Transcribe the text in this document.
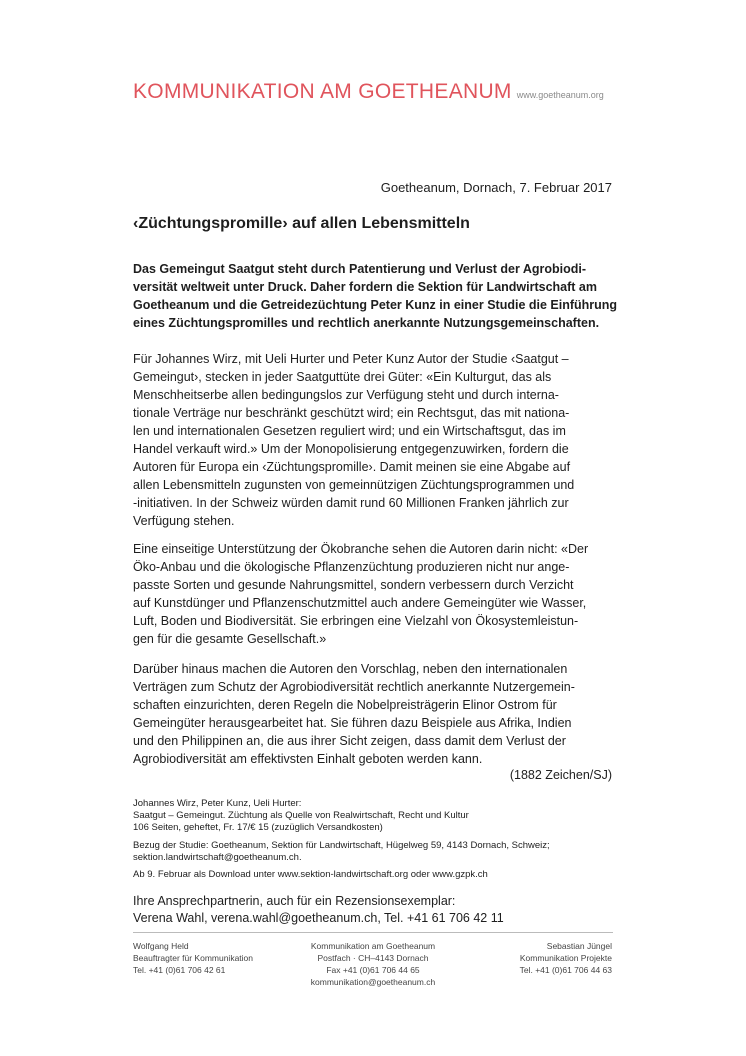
KOMMUNIKATION AM GOETHEANUM www.goetheanum.org
Goetheanum, Dornach, 7. Februar 2017
‹Züchtungspromille› auf allen Lebensmitteln
Das Gemeingut Saatgut steht durch Patentierung und Verlust der Agrobiodi-
versität weltweit unter Druck. Daher fordern die Sektion für Landwirtschaft am
Goetheanum und die Getreidezüchtung Peter Kunz in einer Studie die Einführung
eines Züchtungspromilles und rechtlich anerkannte Nutzungsgemeinschaften.
Für Johannes Wirz, mit Ueli Hurter und Peter Kunz Autor der Studie ‹Saatgut –
Gemeingut›, stecken in jeder Saatguttüte drei Güter: «Ein Kulturgut, das als
Menschheitserbe allen bedingungslos zur Verfügung steht und durch interna-
tionale Verträge nur beschränkt geschützt wird; ein Rechtsgut, das mit nationa-
len und internationalen Gesetzen reguliert wird; und ein Wirtschaftsgut, das im
Handel verkauft wird.» Um der Monopolisierung entgegenzuwirken, fordern die
Autoren für Europa ein ‹Züchtungspromille›. Damit meinen sie eine Abgabe auf
allen Lebensmitteln zugunsten von gemeinnützigen Züchtungsprogrammen und
-initiativen. In der Schweiz würden damit rund 60 Millionen Franken jährlich zur
Verfügung stehen.
Eine einseitige Unterstützung der Ökobranche sehen die Autoren darin nicht: «Der
Öko-Anbau und die ökologische Pflanzenzüchtung produzieren nicht nur ange-
passte Sorten und gesunde Nahrungsmittel, sondern verbessern durch Verzicht
auf Kunstdünger und Pflanzenschutzmittel auch andere Gemeingüter wie Wasser,
Luft, Boden und Biodiversität. Sie erbringen eine Vielzahl von Ökosystemleistun-
gen für die gesamte Gesellschaft.»
Darüber hinaus machen die Autoren den Vorschlag, neben den internationalen
Verträgen zum Schutz der Agrobiodiversität rechtlich anerkannte Nutzergemein-
schaften einzurichten, deren Regeln die Nobelpreisträgerin Elinor Ostrom für
Gemeingüter herausgearbeitet hat. Sie führen dazu Beispiele aus Afrika, Indien
und den Philippinen an, die aus ihrer Sicht zeigen, dass damit dem Verlust der
Agrobiodiversität am effektivsten Einhalt geboten werden kann.
(1882 Zeichen/SJ)
Johannes Wirz, Peter Kunz, Ueli Hurter:
Saatgut – Gemeingut. Züchtung als Quelle von Realwirtschaft, Recht und Kultur
106 Seiten, geheftet, Fr. 17/€ 15 (zuzüglich Versandkosten)
Bezug der Studie: Goetheanum, Sektion für Landwirtschaft, Hügelweg 59, 4143 Dornach, Schweiz;
sektion.landwirtschaft@goetheanum.ch.
Ab 9. Februar als Download unter www.sektion-landwirtschaft.org oder www.gzpk.ch
Ihre Ansprechpartnerin, auch für ein Rezensionsexemplar:
Verena Wahl, verena.wahl@goetheanum.ch, Tel. +41 61 706 42 11
Wolfgang Held
Beauftragter für Kommunikation
Tel. +41 (0)61 706 42 61
Kommunikation am Goetheanum
Postfach · CH–4143 Dornach
Fax +41 (0)61 706 44 65
kommunikation@goetheanum.ch
Sebastian Jüngel
Kommunikation Projekte
Tel. +41 (0)61 706 44 63
